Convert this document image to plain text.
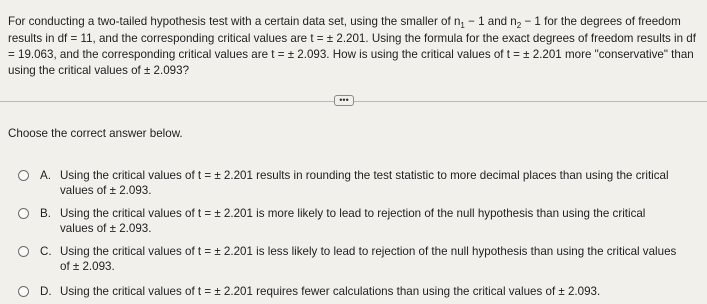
For conducting a two-tailed hypothesis test with a certain data set, using the smaller of $n_1 - 1$ and $n_2 - 1$ for the degrees of freedom results in df = 11, and the corresponding critical values are t = ± 2.201. Using the formula for the exact degrees of freedom results in df = 19.063, and the corresponding critical values are t = ± 2.093. How is using the critical values of t = ± 2.201 more "conservative" than using the critical values of ± 2.093?
•••
Choose the correct answer below.
A. Using the critical values of t = ± 2.201 results in rounding the test statistic to more decimal places than using the critical values of ± 2.093.
B. Using the critical values of t = ± 2.201 is more likely to lead to rejection of the null hypothesis than using the critical values of ± 2.093.
C. Using the critical values of t = ± 2.201 is less likely to lead to rejection of the null hypothesis than using the critical values of ± 2.093.
D. Using the critical values of t = ± 2.201 requires fewer calculations than using the critical values of ± 2.093.
